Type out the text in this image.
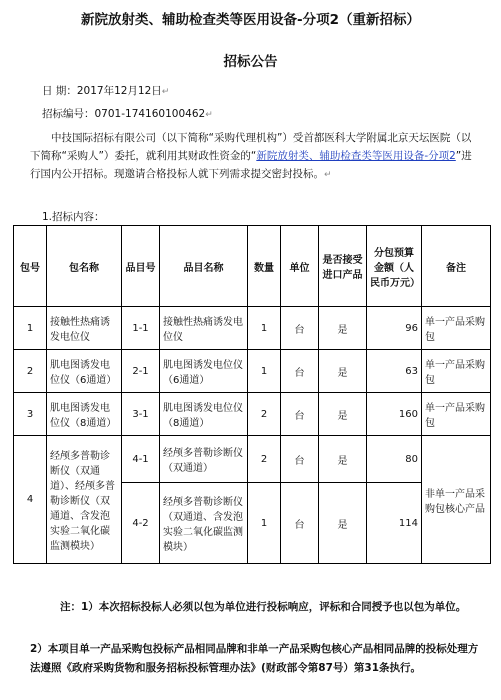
新院放射类、辅助检查类等医用设备-分项2（重新招标）
招标公告
日 期：2017年12月12日↵
招标编号：0701-174160100462↵
中技国际招标有限公司（以下简称“采购代理机构”）受首都医科大学附属北京天坛医院（以下简称“采购人”）委托，就利用其财政性资金的“新院放射类、辅助检查类等医用设备-分项2”进行国内公开招标。现邀请合格投标人就下列需求提交密封投标。↵
1.招标内容：
包号	包名称	品目号	品目名称	数量	单位	是否接受进口产品	分包预算金额（人民币万元）	备注
1	接触性热痛诱发电位仪	1-1	接触性热痛诱发电位仪	1	台	是	96	单一产品采购包
2	肌电图诱发电位仪（6通道）	2-1	肌电图诱发电位仪（6通道）	1	台	是	63	单一产品采购包
3	肌电图诱发电位仪（8通道）	3-1	肌电图诱发电位仪（8通道）	2	台	是	160	单一产品采购包
4	经颅多普勒诊断仪（双通道）、经颅多普勒诊断仪（双通道、含发泡实验二氧化碳监测模块）	4-1	经颅多普勒诊断仪（双通道）	2	台	是	80	非单一产品采购包核心产品
		4-2	经颅多普勒诊断仪（双通道、含发泡实验二氧化碳监测模块）	1	台	是	114	
注：1）本次招标投标人必须以包为单位进行投标响应，评标和合同授予也以包为单位。
2）本项目单一产品采购包投标产品相同品牌和非单一产品采购包核心产品相同品牌的投标处理方法遵照《政府采购货物和服务招标投标管理办法》(财政部令第87号）第31条执行。
